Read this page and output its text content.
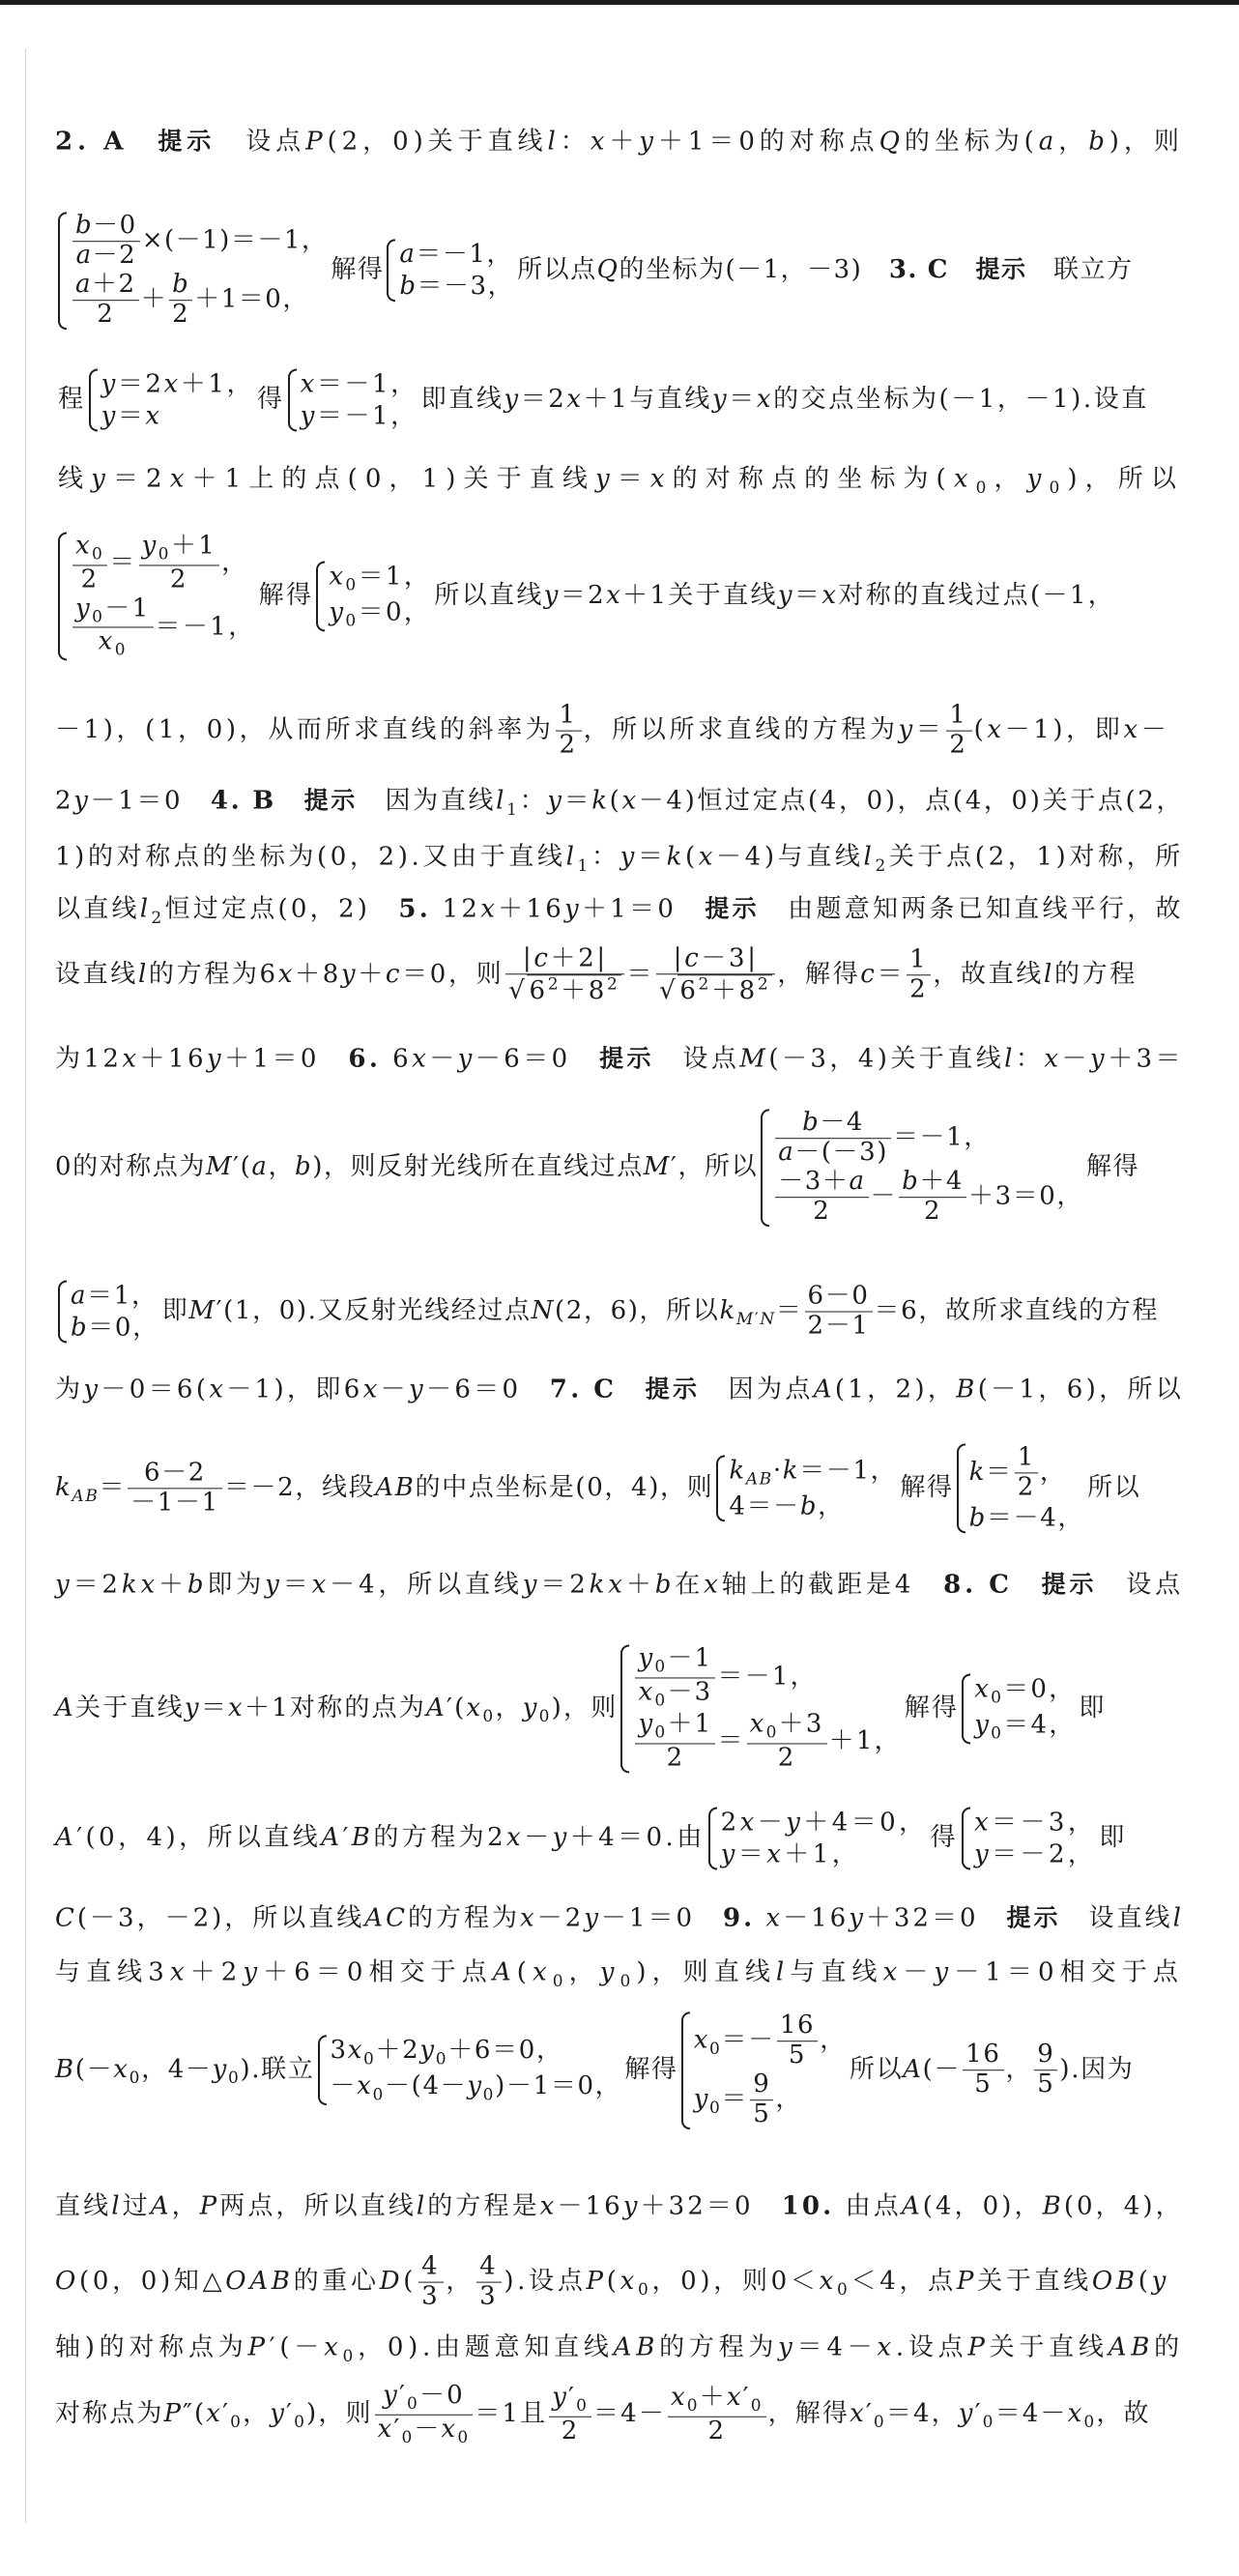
2. A　 提示　设点P(2，0)关于直线l：x＋y＋1＝0的对称点Q的坐标为(a，b)，则
$\frac{b-0}{a-2} \times(-1)=-1$，
$\frac{a+2}{2} + \frac{b}{2} +1=0$，
解得
a＝－1，
b＝－3，
所以点Q的坐标为(－1，－3)　3. C　 提示　联立方
程
y＝2x＋1，
y＝x
得
x＝－1，
y＝－1，
即直线y＝2x＋1与直线y＝x的交点坐标为(－1，－1).设直
线y＝2x＋1上的点(0，1)关于直线y＝x的对称点的坐标为($x_0$，$y_0$)，所以
$\frac{x_0}{2} = \frac{y_0+1}{2}$ ，
$\frac{y_0-1}{x_0} =-1$，
解得
$x_0=1$，
$y_0=0$，
所以直线y＝2x＋1关于直线y＝x对称的直线过点(－1，
－1)，(1，0)，从而所求直线的斜率为 $\frac{1}{2}$ ，所以所求直线的方程为$y= \frac{1}{2} (x-1)$，即x－
2y－1＝0　4. B　 提示　因为直线$l_1$：y＝k(x－4)恒过定点(4，0)，点(4，0)关于点(2，
1)的对称点的坐标为(0，2).又由于直线$l_1$：y＝k(x－4)与直线$l_2$关于点(2，1)对称，所
以直线$l_2$恒过定点(0，2)　5. 12x＋16y＋1＝0　提示　由题意知两条已知直线平行，故
设直线l的方程为6x＋8y＋c＝0，则 $\frac{|c+2|}{√6^2+8^2} = \frac{|c-3|}{√6^2+8^2}$ ，解得$c= \frac{1}{2}$ ，故直线l的方程
为12x＋16y＋1＝0　6. 6x－y－6＝0　提示　设点M(－3，4)关于直线l：x－y＋3＝
0的对称点为M′(a，b)，则反射光线所在直线过点M′，所以 $\frac{b-4}{a-(-3)} =-1$，
$\frac{-3+a}{2} - \frac{b+4}{2} +3=0$，
解得
a＝1，
b＝0，
即M′(1，0).又反射光线经过点N(2，6)，所以$k_{M'N}= \frac{6-0}{2-1} =6$，故所求直线的方程
为y－0＝6(x－1)，即6x－y－6＝0　7. C　 提示　因为点A(1，2)，B(－1，6)，所以
$k_{AB}= \frac{6-2}{-1-1} =-2$，线段AB的中点坐标是(0，4)，则
$k_{AB}\cdot k=-1$，
4＝－b，
解得
$k= \frac{1}{2}$ ，
b＝－4，
所以
y＝2kx＋b即为y＝x－4，所以直线y＝2kx＋b在x轴上的截距是4　8. C　 提示　设点
A关于直线y＝x＋1对称的点为$A'(x_0$，$y_0$)，则 $\frac{y_0-1}{x_0-3} =-1$，
$\frac{y_0+1}{2} = \frac{x_0+3}{2} +1$，
解得
$x_0=0$，
$y_0=4$，
即
A′(0，4)，所以直线A′B的方程为2x－y＋4＝0.由
2x－y＋4＝0，
y＝x＋1，
得
x＝－3，
y＝－2，
即
C(－3，－2)，所以直线AC的方程为x－2y－1＝0　9. x－16y＋32＝0　提示　设直线l
与直线3x＋2y＋6＝0相交于点$A(x_0$，$y_0$)，则直线l与直线x－y－1＝0相交于点
$B(-x_0$，$4-y_0$).联立
$3x_0+2y_0+6=0$，
$-x_0-(4-y_0)-1=0$，
解得
$x_0=- \frac{16}{5}$ ，
$y_0= \frac{9}{5}$ ，
所以$A(- \frac{16}{5}$ ， $\frac{9}{5}$ ).因为
直线l过A，P两点，所以直线l的方程是x－16y＋32＝0　10. 由点A(4，0)，B(0，4)，
O(0，0)知△OAB的重心$D( \frac{4}{3}$ ， $\frac{4}{3}$ ).设点$P(x_0$，0)，则$0<x_0<4$，点P关于直线OB(y
轴)的对称点为$P'(-x_0$，0).由题意知直线AB的方程为y＝4－x.设点P关于直线AB的
对称点为$P''(x'_0$，$y'_0$)，则 $\frac{y'_0-0}{x'_0-x_0} =1$且 $\frac{y'_0}{2} =4- \frac{x_0+x'_0}{2}$ ，解得$x'_0=4$，$y'_0=4-x_0$，故
